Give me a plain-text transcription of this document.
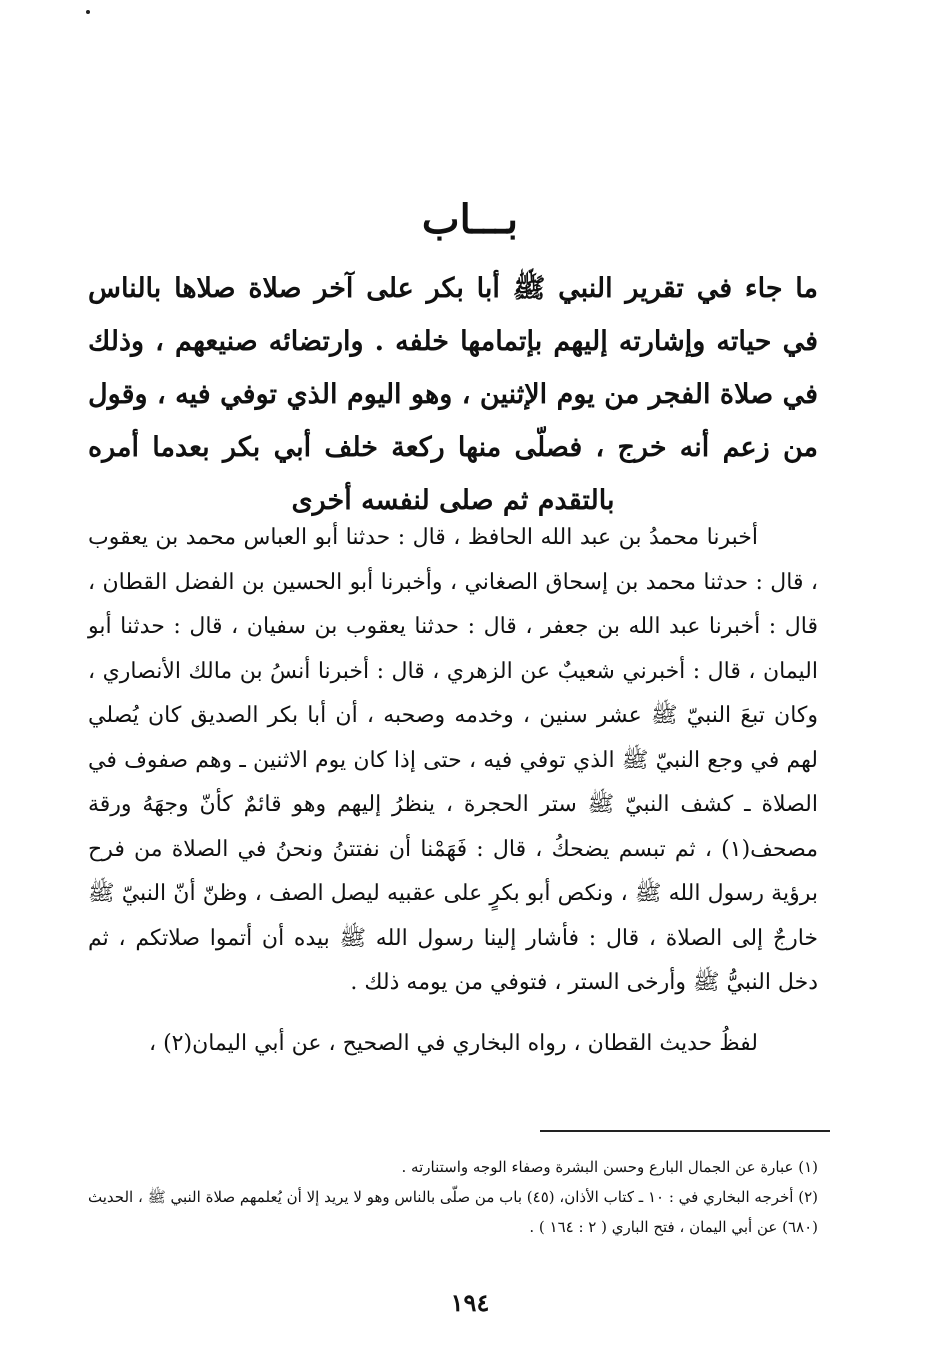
بـــاب
ما جاء في تقرير النبي ﷺ أبا بكر على آخر صلاة صلاها بالناس في حياته وإشارته إليهم بإتمامها خلفه . وارتضائه صنيعهم ، وذلك في صلاة الفجر من يوم الإثنين ، وهو اليوم الذي توفي فيه ، وقول من زعم أنه خرج ، فصلّى منها ركعة خلف أبي بكر بعدما أمره بالتقدم ثم صلى لنفسه أخرى

أخبرنا محمدُ بن عبد الله الحافظ ، قال : حدثنا أبو العباس محمد بن يعقوب ، قال : حدثنا محمد بن إسحاق الصغاني ، وأخبرنا أبو الحسين بن الفضل القطان ، قال : أخبرنا عبد الله بن جعفر ، قال : حدثنا يعقوب بن سفيان ، قال : حدثنا أبو اليمان ، قال : أخبرني شعيبٌ عن الزهري ، قال : أخبرنا أنسُ بن مالك الأنصاري ، وكان تبعَ النبيّ ﷺ عشر سنين ، وخدمه وصحبه ، أن أبا بكر الصديق كان يُصلي لهم في وجع النبيّ ﷺ الذي توفي فيه ، حتى إذا كان يوم الاثنين ـ وهم صفوف في الصلاة ـ كشف النبيّ ﷺ ستر الحجرة ، ينظرُ إليهم وهو قائمٌ كأنّ وجهَهُ ورقة مصحف(١) ، ثم تبسم يضحكُ ، قال : فَهَمْنا أن نفتتنُ ونحنُ في الصلاة من فرح برؤية رسول الله ﷺ ، ونكص أبو بكرٍ على عقبيه ليصل الصف ، وظنّ أنّ النبيّ ﷺ خارجٌ إلى الصلاة ، قال : فأشار إلينا رسول الله ﷺ بيده أن أتموا صلاتكم ، ثم دخل النبيُّ ﷺ وأرخى الستر ، فتوفي من يومه ذلك .

لفظُ حديث القطان ، رواه البخاري في الصحيح ، عن أبي اليمان(٢) ،

(١) عبارة عن الجمال البارع وحسن البشرة وصفاء الوجه واستنارته .

(٢) أخرجه البخاري في : ١٠ ـ كتاب الأذان، (٤٥) باب من صلّى بالناس وهو لا يريد إلا أن يُعلمهم صلاة النبي ﷺ ، الحديث (٦٨٠) عن أبي اليمان ، فتح الباري ( ٢ : ١٦٤ ) .

١٩٤
